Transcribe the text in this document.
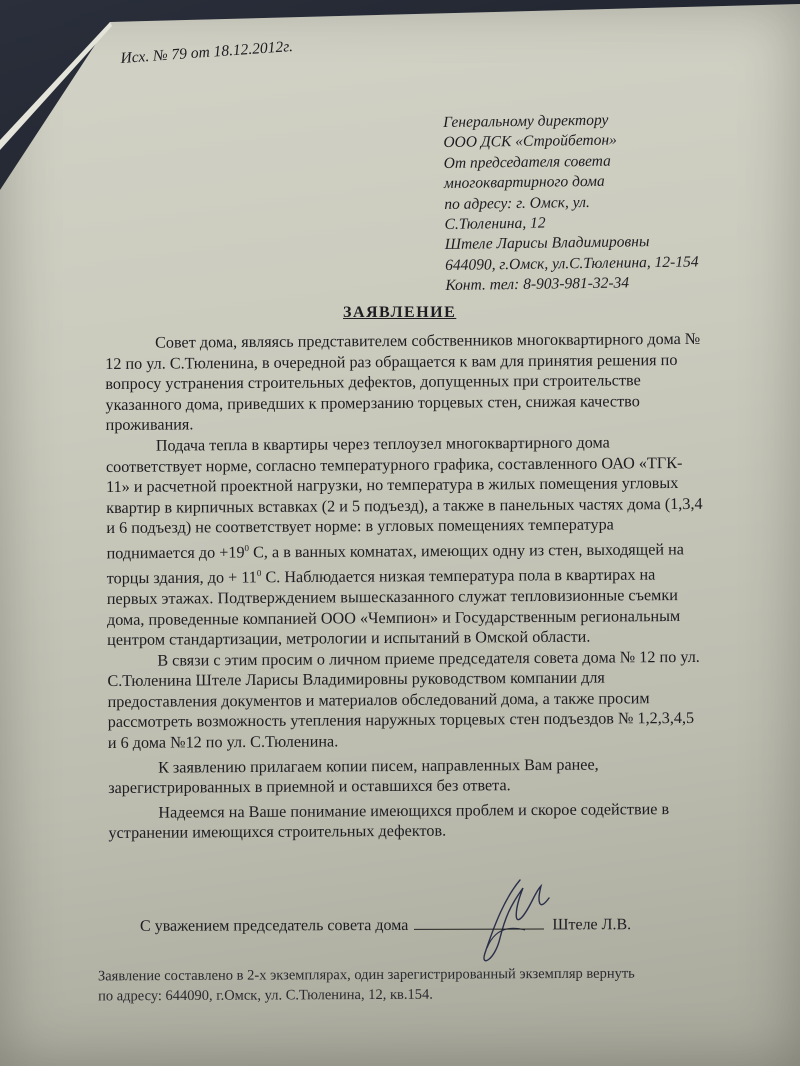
Исх. № 79 от 18.12.2012г.
Генеральному директору
ООО ДСК «Стройбетон»
От председателя совета
многоквартирного дома
по адресу: г. Омск, ул.
С.Тюленина, 12
Штеле Ларисы Владимировны
644090, г.Омск, ул.С.Тюленина, 12-154
Конт. тел: 8-903-981-32-34
ЗАЯВЛЕНИЕ

Совет дома, являясь представителем собственников многоквартирного дома №
12 по ул. С.Тюленина, в очередной раз обращается к вам для принятия решения по
вопросу устранения строительных дефектов, допущенных при строительстве
указанного дома, приведших к промерзанию торцевых стен, снижая качество
проживания.

Подача тепла в квартиры через теплоузел многоквартирного дома
соответствует норме, согласно температурного графика, составленного ОАО «ТГК-
11» и расчетной проектной нагрузки, но температура в жилых помещения угловых
квартир в кирпичных вставках (2 и 5 подъезд), а также в панельных частях дома (1,3,4
и 6 подъезд) не соответствует норме: в угловых помещениях температура
поднимается до $+19^0$ С, а в ванных комнатах, имеющих одну из стен, выходящей на
торцы здания, до + $11^0$ С. Наблюдается низкая температура пола в квартирах на
первых этажах. Подтверждением вышесказанного служат тепловизионные съемки
дома, проведенные компанией ООО «Чемпион» и Государственным региональным
центром стандартизации, метрологии и испытаний в Омской области.

В связи с этим просим о личном приеме председателя совета дома № 12 по ул.
С.Тюленина Штеле Ларисы Владимировны руководством компании для
предоставления документов и материалов обследований дома, а также просим
рассмотреть возможность утепления наружных торцевых стен подъездов № 1,2,3,4,5
и 6 дома №12 по ул. С.Тюленина.

К заявлению прилагаем копии писем, направленных Вам ранее,
зарегистрированных в приемной и оставшихся без ответа.

Надеемся на Ваше понимание имеющихся проблем и скорое содействие в
устранении имеющихся строительных дефектов.

С уважением председатель совета дома	Штеле Л.В.
Заявление составлено в 2-х экземплярах, один зарегистрированный экземпляр вернуть
по адресу: 644090, г.Омск, ул. С.Тюленина, 12, кв.154.
